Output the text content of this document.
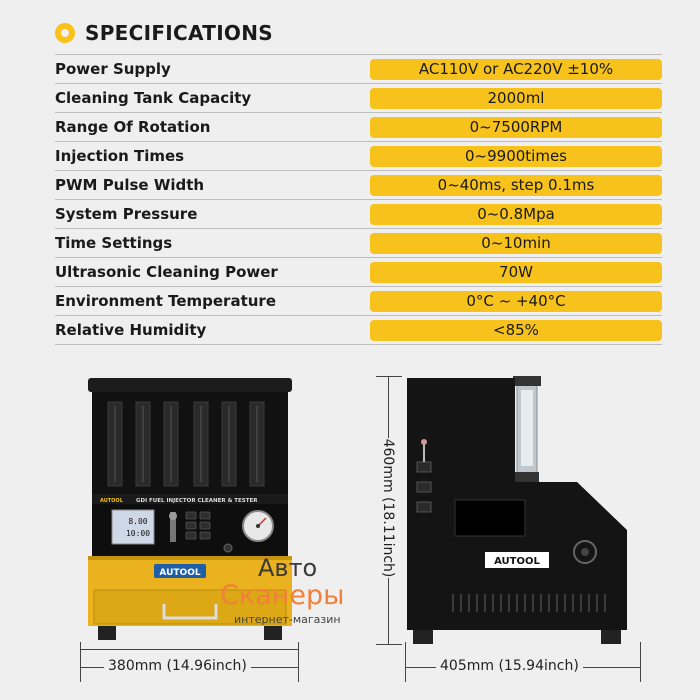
SPECIFICATIONS
Power Supply	AC110V or AC220V ±10%
Cleaning Tank Capacity	2000ml
Range Of Rotation	0~7500RPM
Injection Times	0~9900times
PWM Pulse Width	0~40ms, step 0.1ms
System Pressure	0~0.8Mpa
Time Settings	0~10min
Ultrasonic Cleaning Power	70W
Environment Temperature	0°C ~ +40°C
Relative Humidity	<85%
AUTOOL GDI FUEL INJECTOR CLEANER & TESTER
8.00
10:00
AUTOOL
AUTOOL
380mm (14.96inch)	405mm (15.94inch)
460mm (18.11inch)
Авто
Сканеры
интернет-магазин
